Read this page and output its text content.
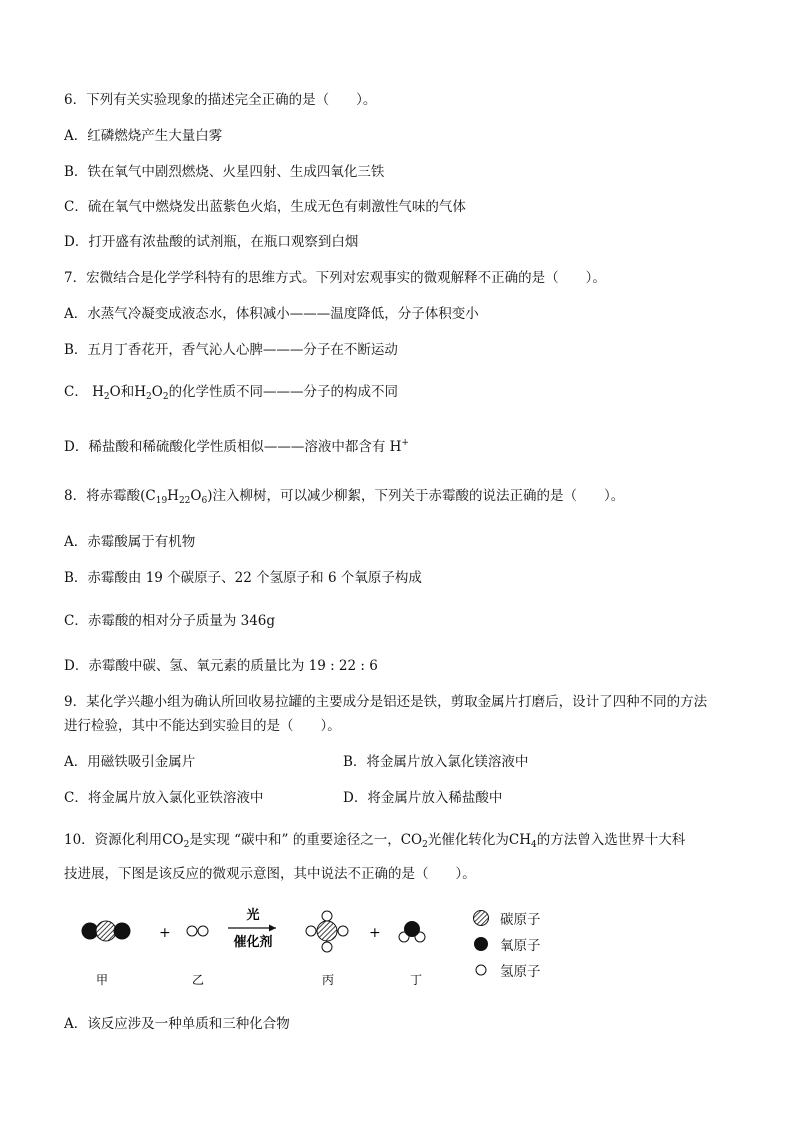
6．下列有关实验现象的描述完全正确的是（　　）。
A．红磷燃烧产生大量白雾
B．铁在氧气中剧烈燃烧、火星四射、生成四氧化三铁
C．硫在氧气中燃烧发出蓝紫色火焰，生成无色有刺激性气味的气体
D．打开盛有浓盐酸的试剂瓶，在瓶口观察到白烟
7．宏微结合是化学学科特有的思维方式。下列对宏观事实的微观解释不正确的是（　　）。
A．水蒸气冷凝变成液态水，体积减小———温度降低，分子体积变小
B．五月丁香花开，香气沁人心脾———分子在不断运动
C． $H_2O$和$H_2O_2$的化学性质不同———分子的构成不同
D．稀盐酸和稀硫酸化学性质相似———溶液中都含有 H+
8．将赤霉酸$(C_{19}H_{22}O_6)$注入柳树，可以减少柳絮，下列关于赤霉酸的说法正确的是（　　）。
A．赤霉酸属于有机物
B．赤霉酸由 19 个碳原子、22 个氢原子和 6 个氧原子构成
C．赤霉酸的相对分子质量为 346g
D．赤霉酸中碳、氢、氧元素的质量比为 19 : 22 : 6
9．某化学兴趣小组为确认所回收易拉罐的主要成分是铝还是铁，剪取金属片打磨后，设计了四种不同的方法
进行检验，其中不能达到实验目的是（　　）。
A．用磁铁吸引金属片	B．将金属片放入氯化镁溶液中
C．将金属片放入氯化亚铁溶液中	D．将金属片放入稀盐酸中
10．资源化利用$CO_2$是实现 “碳中和” 的重要途径之一，$CO_2$光催化转化为$CH_4$的方法曾入选世界十大科
技进展，下图是该反应的微观示意图，其中说法不正确的是（　　）。
+
光
催化剂
+
甲	乙	丙	丁
碳原子
氧原子
氢原子
A．该反应涉及一种单质和三种化合物
